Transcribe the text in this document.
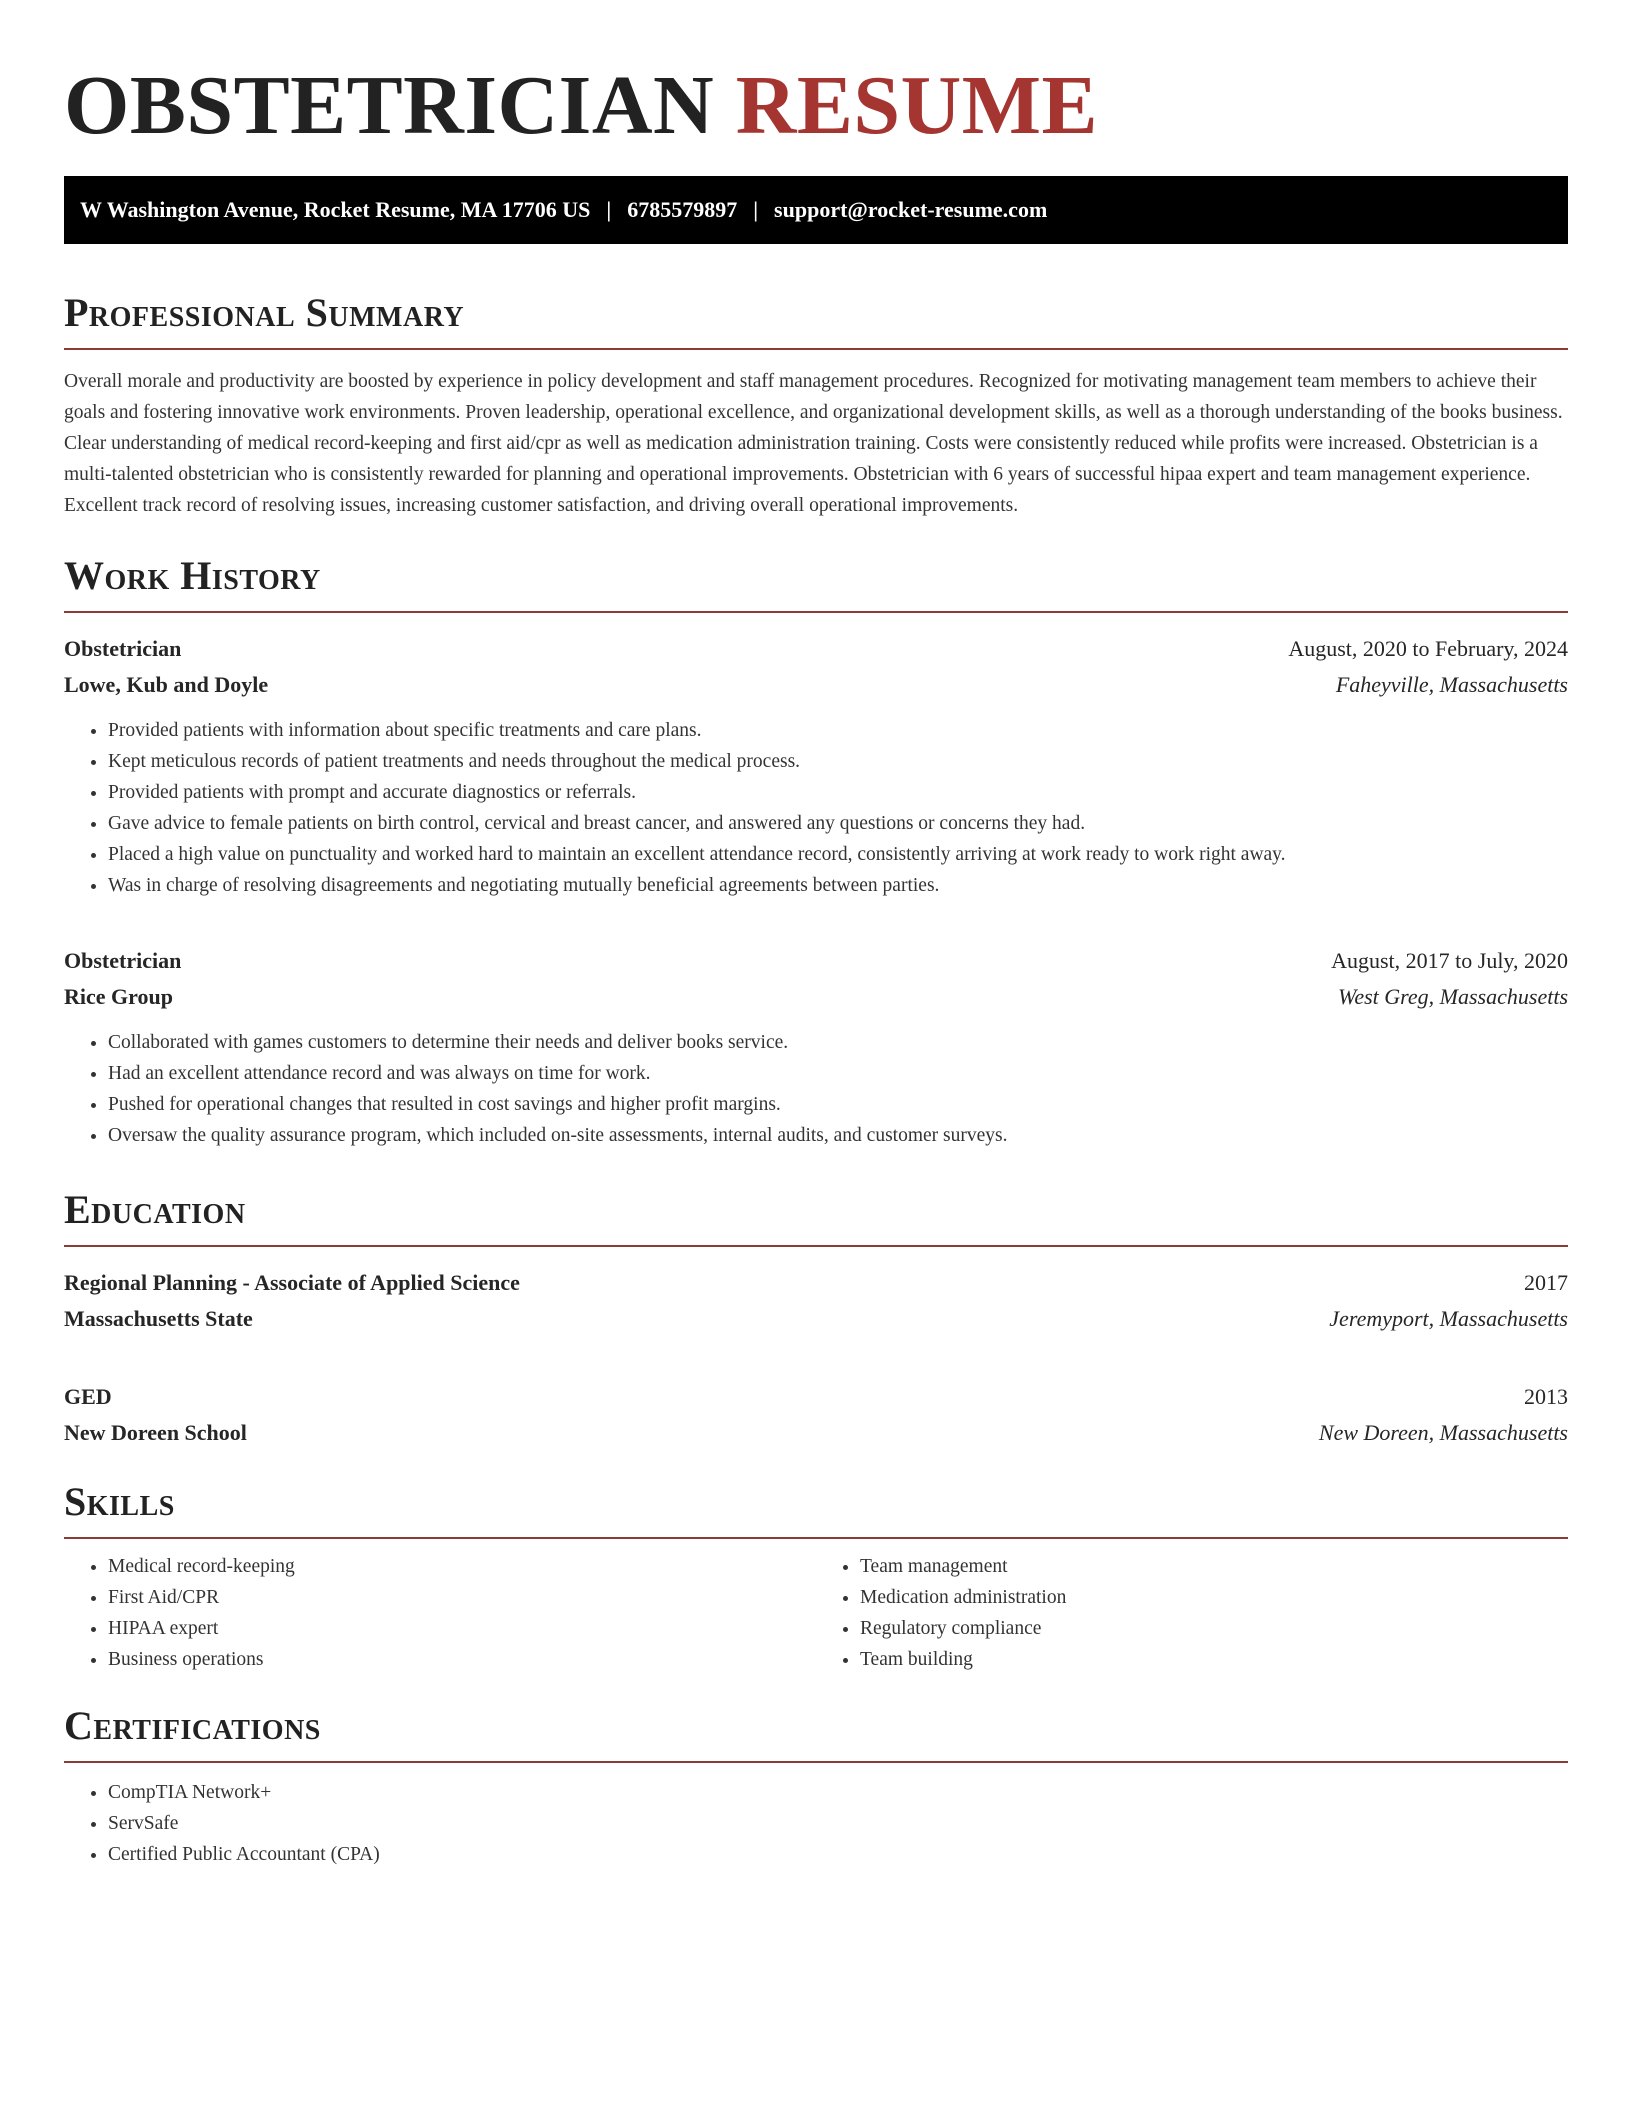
OBSTETRICIAN RESUME
W Washington Avenue, Rocket Resume, MA 17706 US | 6785579897 | support@rocket-resume.com
Professional Summary

Overall morale and productivity are boosted by experience in policy development and staff management procedures. Recognized for motivating management team members to achieve their goals and fostering innovative work environments. Proven leadership, operational excellence, and organizational development skills, as well as a thorough understanding of the books business. Clear understanding of medical record-keeping and first aid/cpr as well as medication administration training. Costs were consistently reduced while profits were increased. Obstetrician is a multi-talented obstetrician who is consistently rewarded for planning and operational improvements. Obstetrician with 6 years of successful hipaa expert and team management experience. Excellent track record of resolving issues, increasing customer satisfaction, and driving overall operational improvements.

Work History
Obstetrician	August, 2020 to February, 2024
Lowe, Kub and Doyle	Faheyville, Massachusetts
• Provided patients with information about specific treatments and care plans.
• Kept meticulous records of patient treatments and needs throughout the medical process.
• Provided patients with prompt and accurate diagnostics or referrals.
• Gave advice to female patients on birth control, cervical and breast cancer, and answered any questions or concerns they had.
• Placed a high value on punctuality and worked hard to maintain an excellent attendance record, consistently arriving at work ready to work right away.
• Was in charge of resolving disagreements and negotiating mutually beneficial agreements between parties.
Obstetrician	August, 2017 to July, 2020
Rice Group	West Greg, Massachusetts
• Collaborated with games customers to determine their needs and deliver books service.
• Had an excellent attendance record and was always on time for work.
• Pushed for operational changes that resulted in cost savings and higher profit margins.
• Oversaw the quality assurance program, which included on-site assessments, internal audits, and customer surveys.
Education
Regional Planning - Associate of Applied Science	2017
Massachusetts State	Jeremyport, Massachusetts
GED	2013
New Doreen School	New Doreen, Massachusetts
Skills
• Medical record-keeping
• First Aid/CPR
• HIPAA expert
• Business operations
• Team management
• Medication administration
• Regulatory compliance
• Team building
Certifications
• CompTIA Network+
• ServSafe
• Certified Public Accountant (CPA)
